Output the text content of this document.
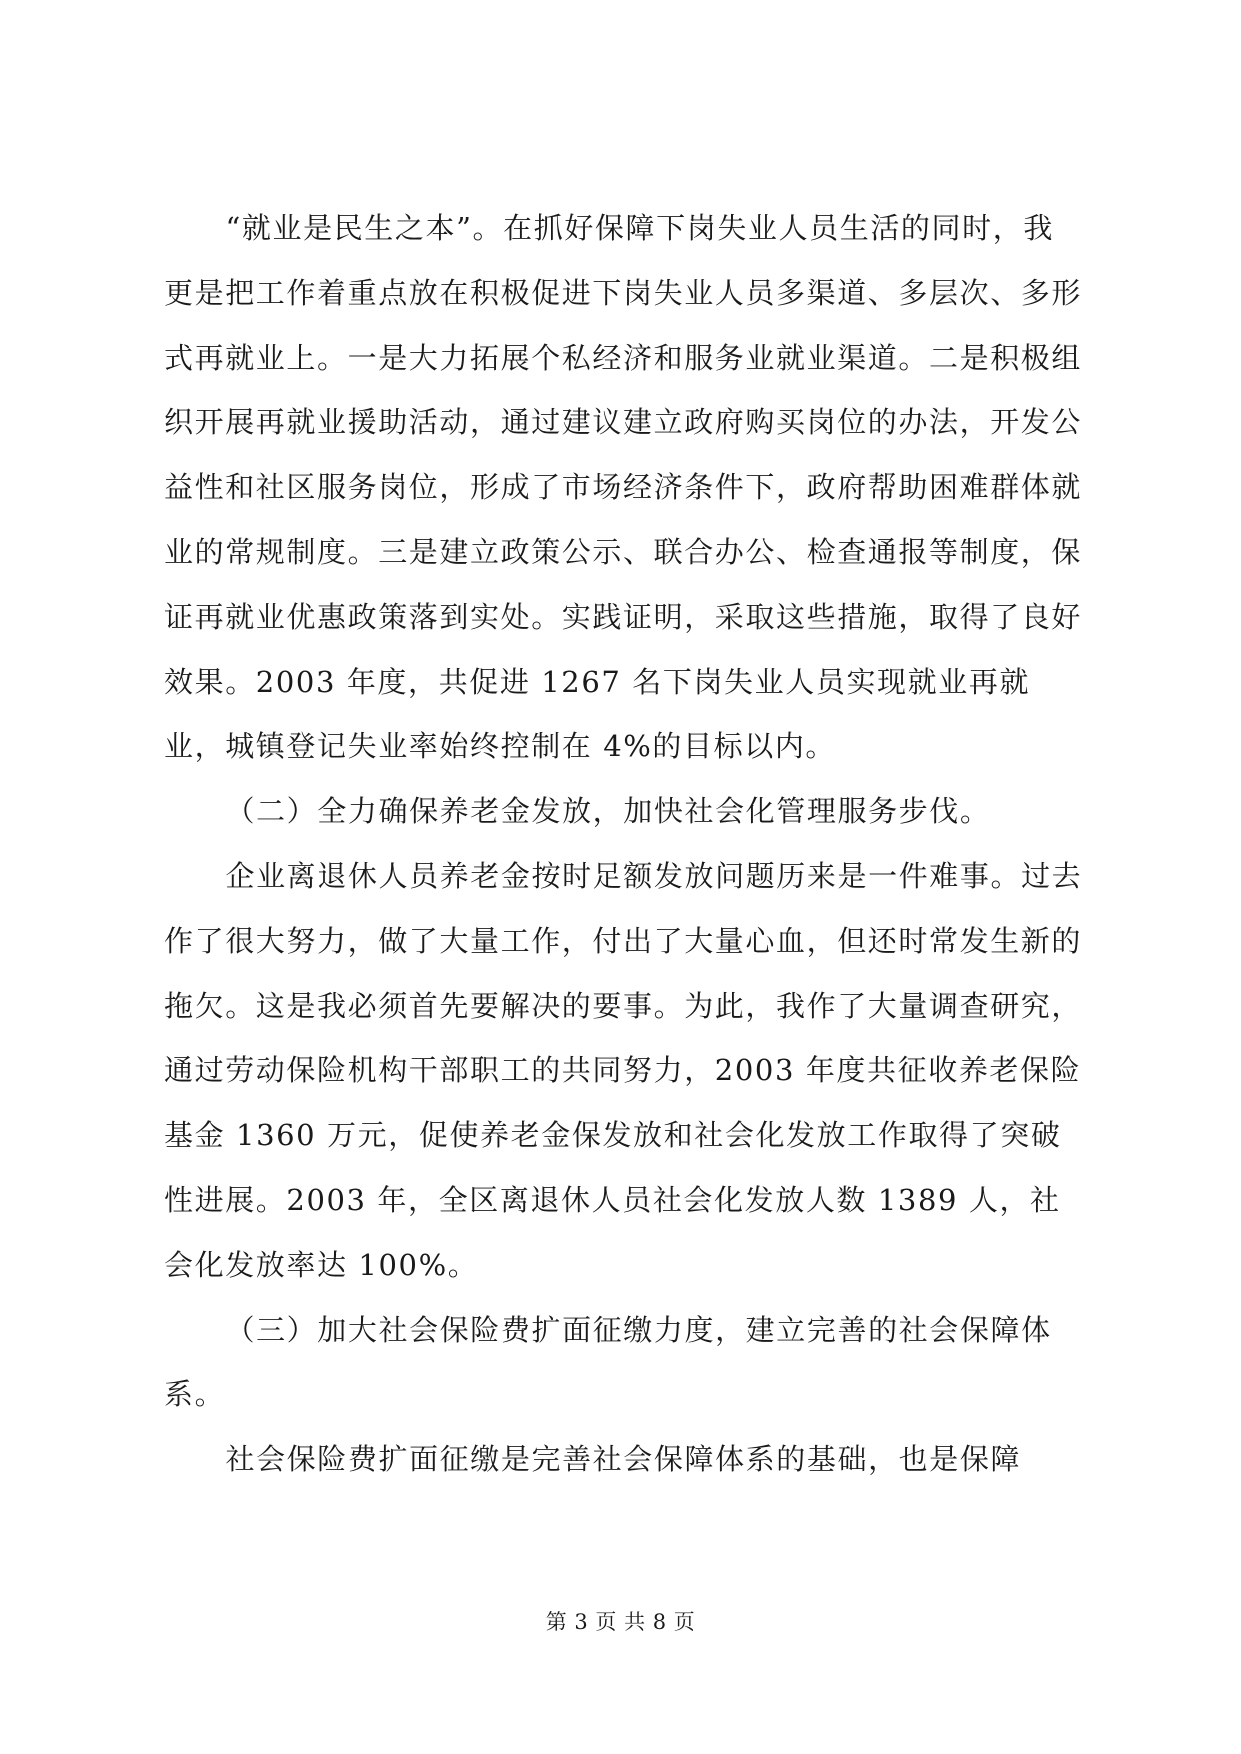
“就业是民生之本”。在抓好保障下岗失业人员生活的同时，我更是把工作着重点放在积极促进下岗失业人员多渠道、多层次、多形式再就业上。一是大力拓展个私经济和服务业就业渠道。二是积极组织开展再就业援助活动，通过建议建立政府购买岗位的办法，开发公益性和社区服务岗位，形成了市场经济条件下，政府帮助困难群体就业的常规制度。三是建立政策公示、联合办公、检查通报等制度，保证再就业优惠政策落到实处。实践证明，采取这些措施，取得了良好效果。2003 年度，共促进 1267 名下岗失业人员实现就业再就业，城镇登记失业率始终控制在 4%的目标以内。

（二）全力确保养老金发放，加快社会化管理服务步伐。

企业离退休人员养老金按时足额发放问题历来是一件难事。过去作了很大努力，做了大量工作，付出了大量心血，但还时常发生新的拖欠。这是我必须首先要解决的要事。为此，我作了大量调查研究，通过劳动保险机构干部职工的共同努力，2003 年度共征收养老保险基金 1360 万元，促使养老金保发放和社会化发放工作取得了突破性进展。2003 年，全区离退休人员社会化发放人数 1389 人，社会化发放率达 100%。

（三）加大社会保险费扩面征缴力度，建立完善的社会保障体系。

社会保险费扩面征缴是完善社会保障体系的基础，也是保障

第 3 页 共 8 页
